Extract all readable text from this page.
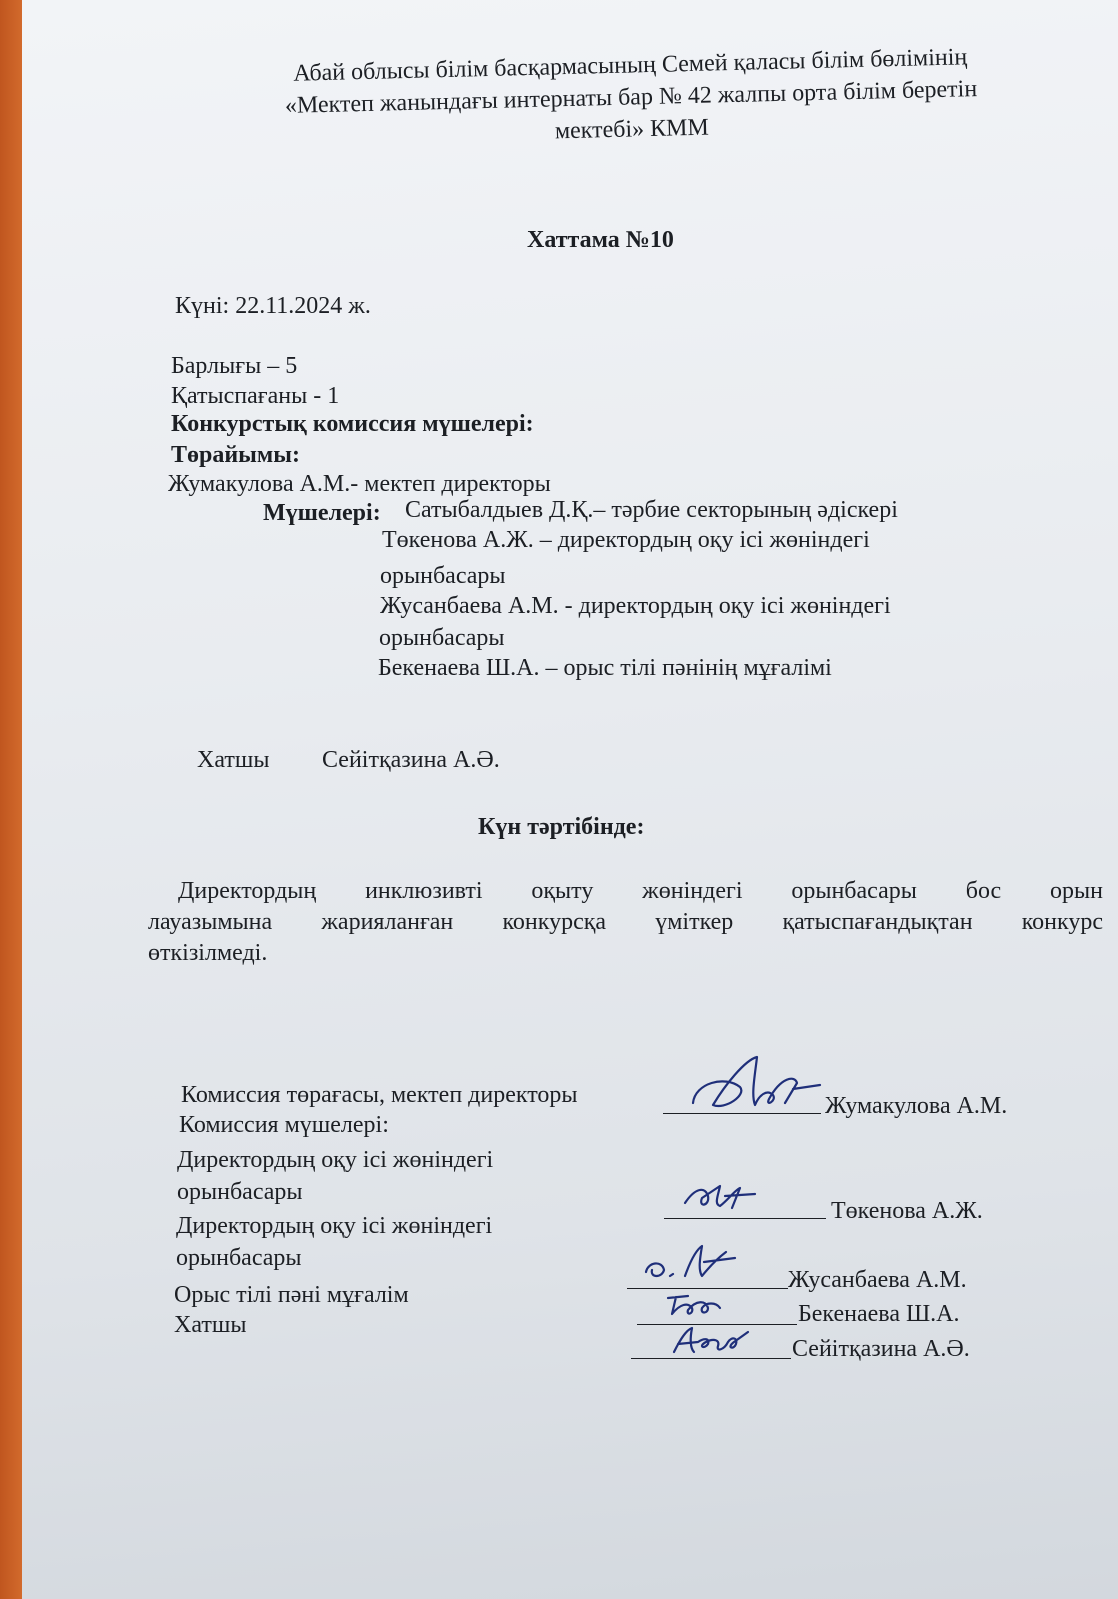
Абай облысы білім басқармасының Семей қаласы білім бөлімінің
«Мектеп жанындағы интернаты бар № 42 жалпы орта білім беретін
мектебі» КММ
Хаттама №10
Күні: 22.11.2024 ж.
Барлығы – 5
Қатыспағаны - 1
Конкурстық комиссия мүшелері:
Төрайымы:
Жумакулова А.М.- мектеп директоры
Мүшелері: Сатыбалдыев Д.Қ.– тәрбие секторының әдіскері
Төкенова А.Ж. – директордың оқу ісі жөніндегі
орынбасары
Жусанбаева А.М. - директордың оқу ісі жөніндегі
орынбасары
Бекенаева Ш.А. – орыс тілі пәнінің мұғалімі
Хатшы Сейітқазина А.Ә.
Күн тәртібінде:
Директордың инклюзивті оқыту жөніндегі орынбасары бос орын
лауазымына жарияланған конкурсқа үміткер қатыспағандықтан конкурс
өткізілмеді.
Комиссия төрағасы, мектеп директоры	Жумакулова А.М.
Комиссия мүшелері:
Директордың оқу ісі жөніндегі
орынбасары
Төкенова А.Ж.
Директордың оқу ісі жөніндегі
орынбасары
Жусанбаева А.М.
Орыс тілі пәні мұғалім
Бекенаева Ш.А.
Хатшы
Сейітқазина А.Ә.
